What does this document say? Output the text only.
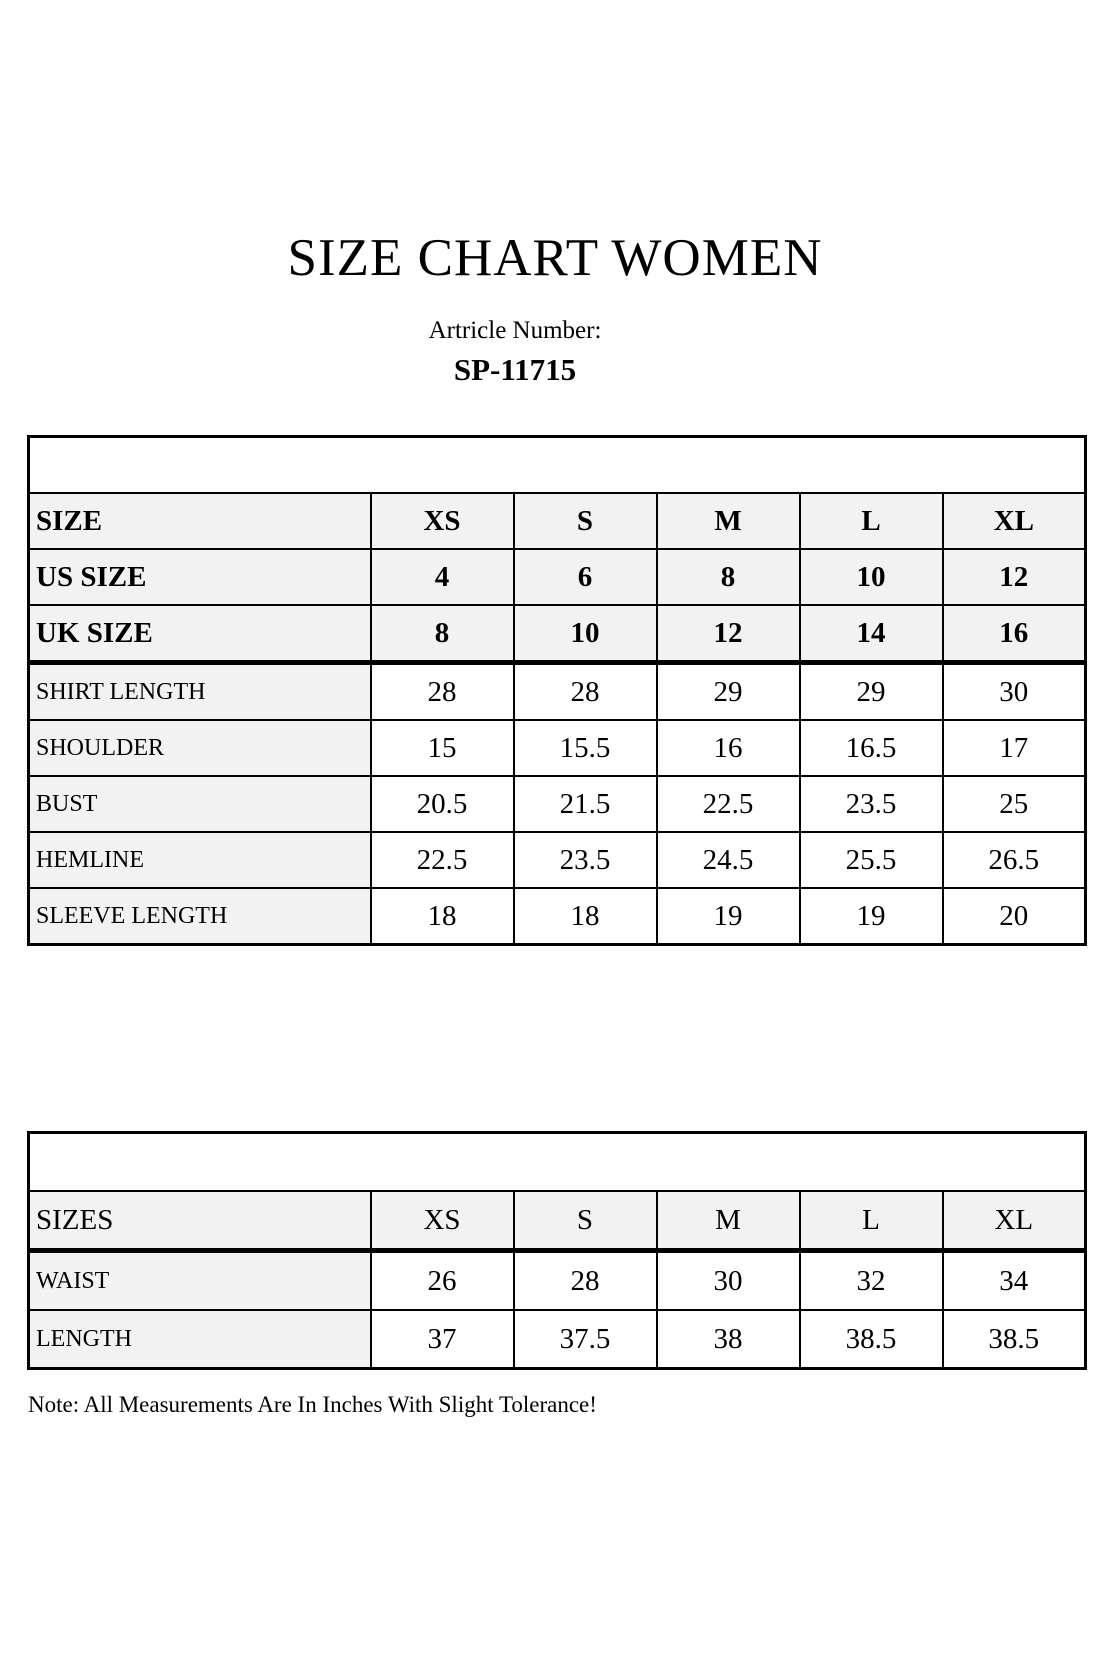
SIZE CHART WOMEN
Artricle Number:
SP-11715
SHIRT					
SIZE	XS	S	M	L	XL
US SIZE	4	6	8	10	12
UK SIZE	8	10	12	14	16
SHIRT LENGTH	28	28	29	29	30
SHOULDER	15	15.5	16	16.5	17
BUST	20.5	21.5	22.5	23.5	25
HEMLINE	22.5	23.5	24.5	25.5	26.5
SLEEVE LENGTH	18	18	19	19	20
TROUSER					
SIZES	XS	S	M	L	XL
WAIST	26	28	30	32	34
LENGTH	37	37.5	38	38.5	38.5

Note: All Measurements Are In Inches With Slight Tolerance!
